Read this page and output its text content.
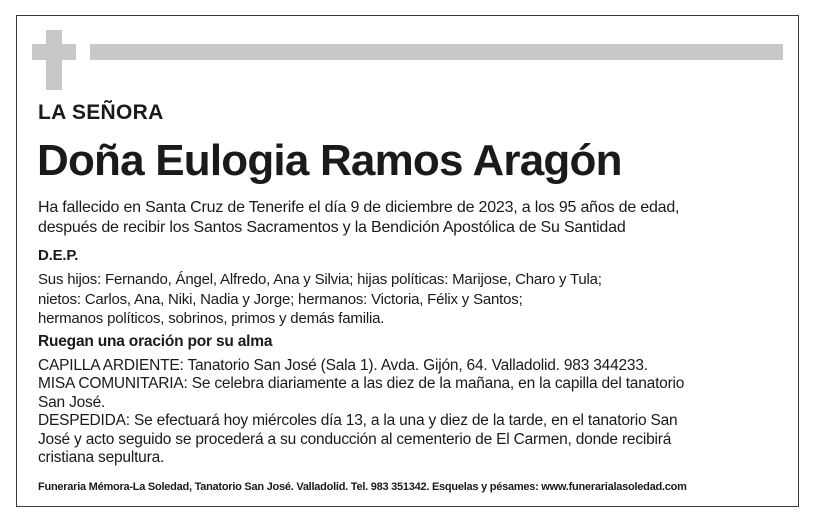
LA SEÑORA
Doña Eulogia Ramos Aragón
Ha fallecido en Santa Cruz de Tenerife el día 9 de diciembre de 2023, a los 95 años de edad,
después de recibir los Santos Sacramentos y la Bendición Apostólica de Su Santidad
D.E.P.
Sus hijos: Fernando, Ángel, Alfredo, Ana y Silvia; hijas políticas: Marijose, Charo y Tula;
nietos: Carlos, Ana, Niki, Nadia y Jorge; hermanos: Victoria, Félix y Santos;
hermanos políticos, sobrinos, primos y demás familia.
Ruegan una oración por su alma
CAPILLA ARDIENTE: Tanatorio San José (Sala 1). Avda. Gijón, 64. Valladolid. 983 344233.
MISA COMUNITARIA: Se celebra diariamente a las diez de la mañana, en la capilla del tanatorio
San José.
DESPEDIDA: Se efectuará hoy miércoles día 13, a la una y diez de la tarde, en el tanatorio San
José y acto seguido se procederá a su conducción al cementerio de El Carmen, donde recibirá
cristiana sepultura.
Funeraria Mémora-La Soledad, Tanatorio San José. Valladolid. Tel. 983 351342. Esquelas y pésames: www.funerarialasoledad.com
